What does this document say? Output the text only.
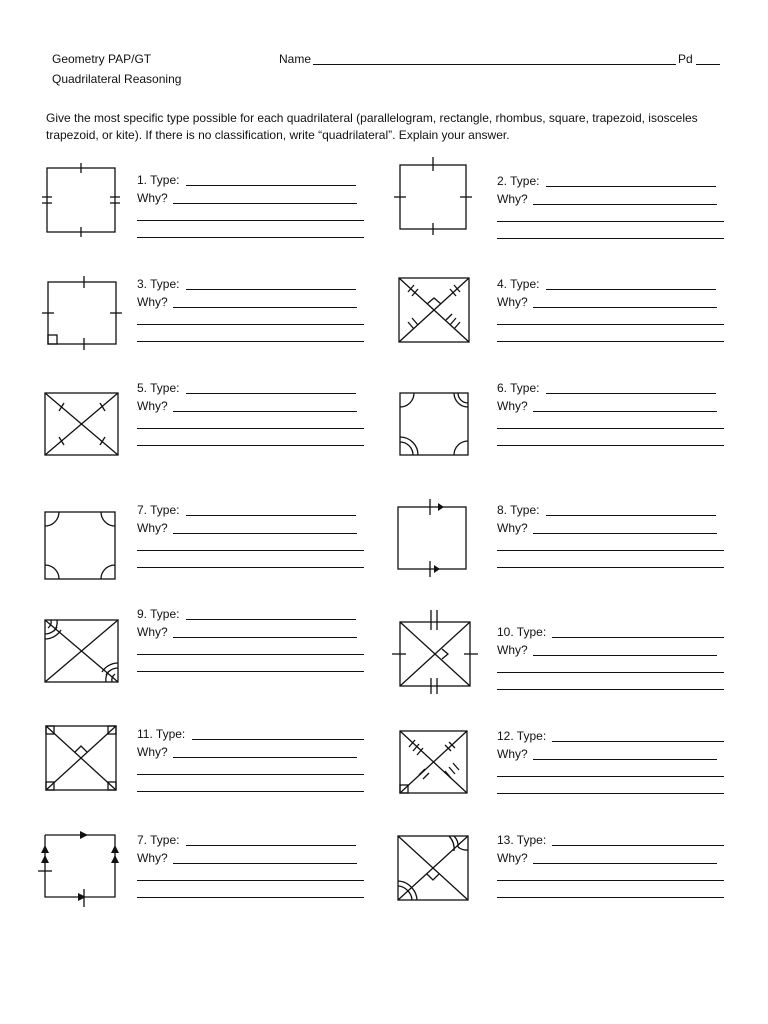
Geometry PAP/GT
Quadrilateral Reasoning
Name	Pd
Give the most specific type possible for each quadrilateral (parallelogram, rectangle, rhombus, square, trapezoid, isosceles trapezoid, or kite). If there is no classification, write “quadrilateral”. Explain your answer.
1. Type:
Why?
2. Type:
Why?
3. Type:
Why?
4. Type:
Why?
5. Type:
Why?
6. Type:
Why?
7. Type:
Why?
8. Type:
Why?
9. Type:
Why?	10. Type:
Why?
11. Type:
Why?
12. Type:
Why?
7. Type:
Why?
13. Type:
Why?
